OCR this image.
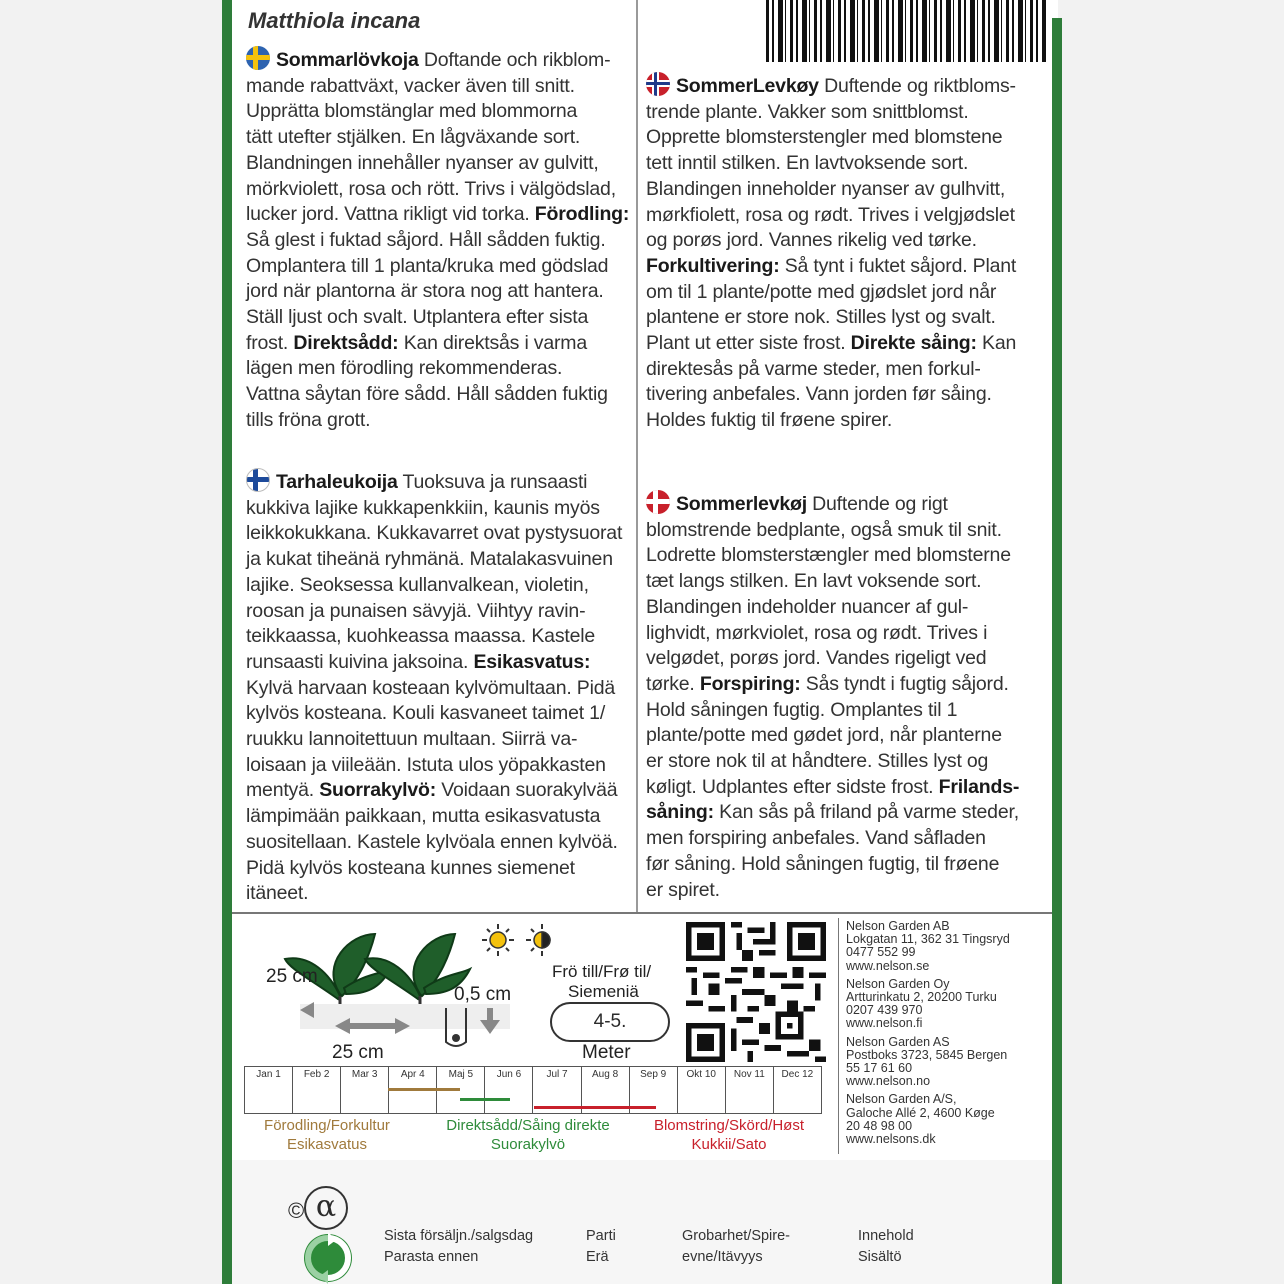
Matthiola incana
Sommarlövkoja Doftande och rikblom-
mande rabattväxt, vacker även till snitt.
Upprätta blomstänglar med blommorna
tätt utefter stjälken. En lågväxande sort.
Blandningen innehåller nyanser av gulvitt,
mörkviolett, rosa och rött. Trivs i välgödslad,
lucker jord. Vattna rikligt vid torka. Förodling:
Så glest i fuktad såjord. Håll sådden fuktig.
Omplantera till 1 planta/kruka med gödslad
jord när plantorna är stora nog att hantera.
Ställ ljust och svalt. Utplantera efter sista
frost. Direktsådd: Kan direktsås i varma
lägen men förodling rekommenderas.
Vattna såytan före sådd. Håll sådden fuktig
tills fröna grott.
SommerLevkøy Duftende og riktbloms-
trende plante. Vakker som snittblomst.
Opprette blomsterstengler med blomstene
tett inntil stilken. En lavtvoksende sort.
Blandingen inneholder nyanser av gulhvitt,
mørkfiolett, rosa og rødt. Trives i velgjødslet
og porøs jord. Vannes rikelig ved tørke.
Forkultivering: Så tynt i fuktet såjord. Plant
om til 1 plante/potte med gjødslet jord når
plantene er store nok. Stilles lyst og svalt.
Plant ut etter siste frost. Direkte såing: Kan
direktesås på varme steder, men forkul-
tivering anbefales. Vann jorden før såing.
Holdes fuktig til frøene spirer.
Tarhaleukoija Tuoksuva ja runsaasti
kukkiva lajike kukkapenkkiin, kaunis myös
leikkokukkana. Kukkavarret ovat pystysuorat
ja kukat tiheänä ryhmänä. Matalakasvuinen
lajike. Seoksessa kullanvalkean, violetin,
roosan ja punaisen sävyjä. Viihtyy ravin-
teikkaassa, kuohkeassa maassa. Kastele
runsaasti kuivina jaksoina. Esikasvatus:
Kylvä harvaan kosteaan kylvömultaan. Pidä
kylvös kosteana. Kouli kasvaneet taimet 1/
ruukku lannoitettuun multaan. Siirrä va-
loisaan ja viileään. Istuta ulos yöpakkasten
mentyä. Suorrakylvö: Voidaan suorakylvää
lämpimään paikkaan, mutta esikasvatusta
suositellaan. Kastele kylvöala ennen kylvöä.
Pidä kylvös kosteana kunnes siemenet
itäneet.
Sommerlevkøj Duftende og rigt
blomstrende bedplante, også smuk til snit.
Lodrette blomsterstængler med blomsterne
tæt langs stilken. En lavt voksende sort.
Blandingen indeholder nuancer af gul-
lighvidt, mørkviolet, rosa og rødt. Trives i
velgødet, porøs jord. Vandes rigeligt ved
tørke. Forspiring: Sås tyndt i fugtig såjord.
Hold såningen fugtig. Omplantes til 1
plante/potte med gødet jord, når planterne
er store nok til at håndtere. Stilles lyst og
køligt. Udplantes efter sidste frost. Frilands-
såning: Kan sås på friland på varme steder,
men forspiring anbefales. Vand såfladen
før såning. Hold såningen fugtig, til frøene
er spiret.
25 cm
25 cm
0,5 cm
Frö till/Frø til/
Siemeniä
4-5.
Meter
Nelson Garden AB
Lokgatan 11, 362 31 Tingsryd
0477 552 99
www.nelson.se
Nelson Garden Oy
Artturinkatu 2, 20200 Turku
0207 439 970
www.nelson.fi
Nelson Garden AS
Postboks 3723, 5845 Bergen
55 17 61 60
www.nelson.no
Nelson Garden A/S,
Galoche Allé 2, 4600 Køge
20 48 98 00
www.nelsons.dk
Jan 1	Feb 2	Mar 3	Apr 4	Maj 5	Jun 6	Jul 7	Aug 8	Sep 9	Okt 10	Nov 11	Dec 12
Förodling/Forkultur
Esikasvatus
Direktsådd/Såing direkte
Suorakylvö
Blomstring/Skörd/Høst
Kukkii/Sato
© α
Sista försäljn./salgsdag
Parasta ennen
Parti
Erä
Grobarhet/Spire-
evne/Itävyys
Innehold
Sisältö
